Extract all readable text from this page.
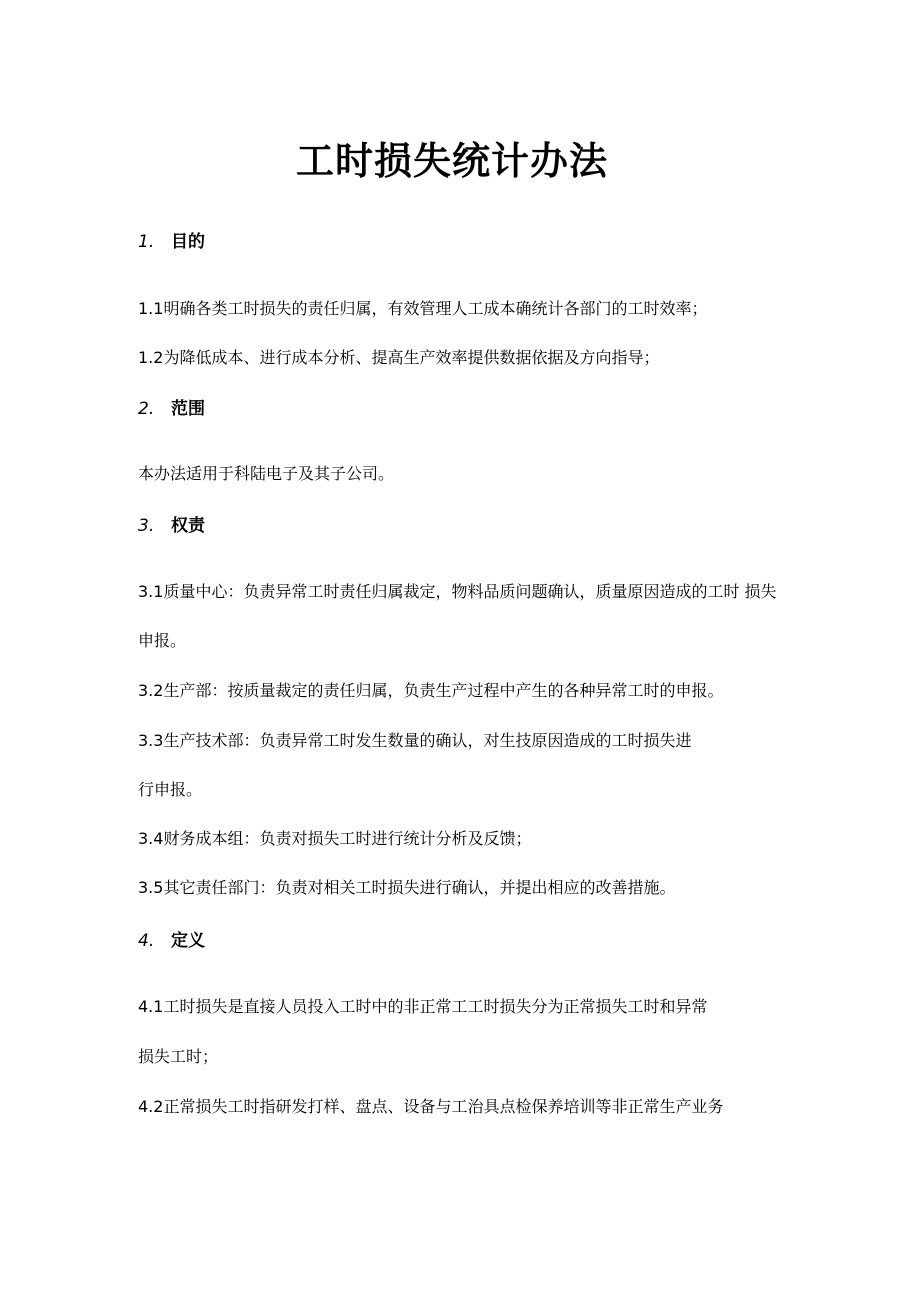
工时损失统计办法
1. 目的

1.1明确各类工时损失的责任归属，有效管理人工成本确统计各部门的工时效率；

1.2为降低成本、进行成本分析、提高生产效率提供数据依据及方向指导；

2. 范围

本办法适用于科陆电子及其子公司。

3. 权责

3.1质量中心：负责异常工时责任归属裁定，物料品质问题确认，质量原因造成的工时 损失

申报。

3.2生产部：按质量裁定的责任归属，负责生产过程中产生的各种异常工时的申报。

3.3生产技术部：负责异常工时发生数量的确认，对生技原因造成的工时损失进

行申报。

3.4财务成本组：负责对损失工时进行统计分析及反馈；

3.5其它责任部门：负责对相关工时损失进行确认，并提出相应的改善措施。

4. 定义

4.1工时损失是直接人员投入工时中的非正常工工时损失分为正常损失工时和异常

损失工时；

4.2正常损失工时指研发打样、盘点、设备与工治具点检保养培训等非正常生产业务
